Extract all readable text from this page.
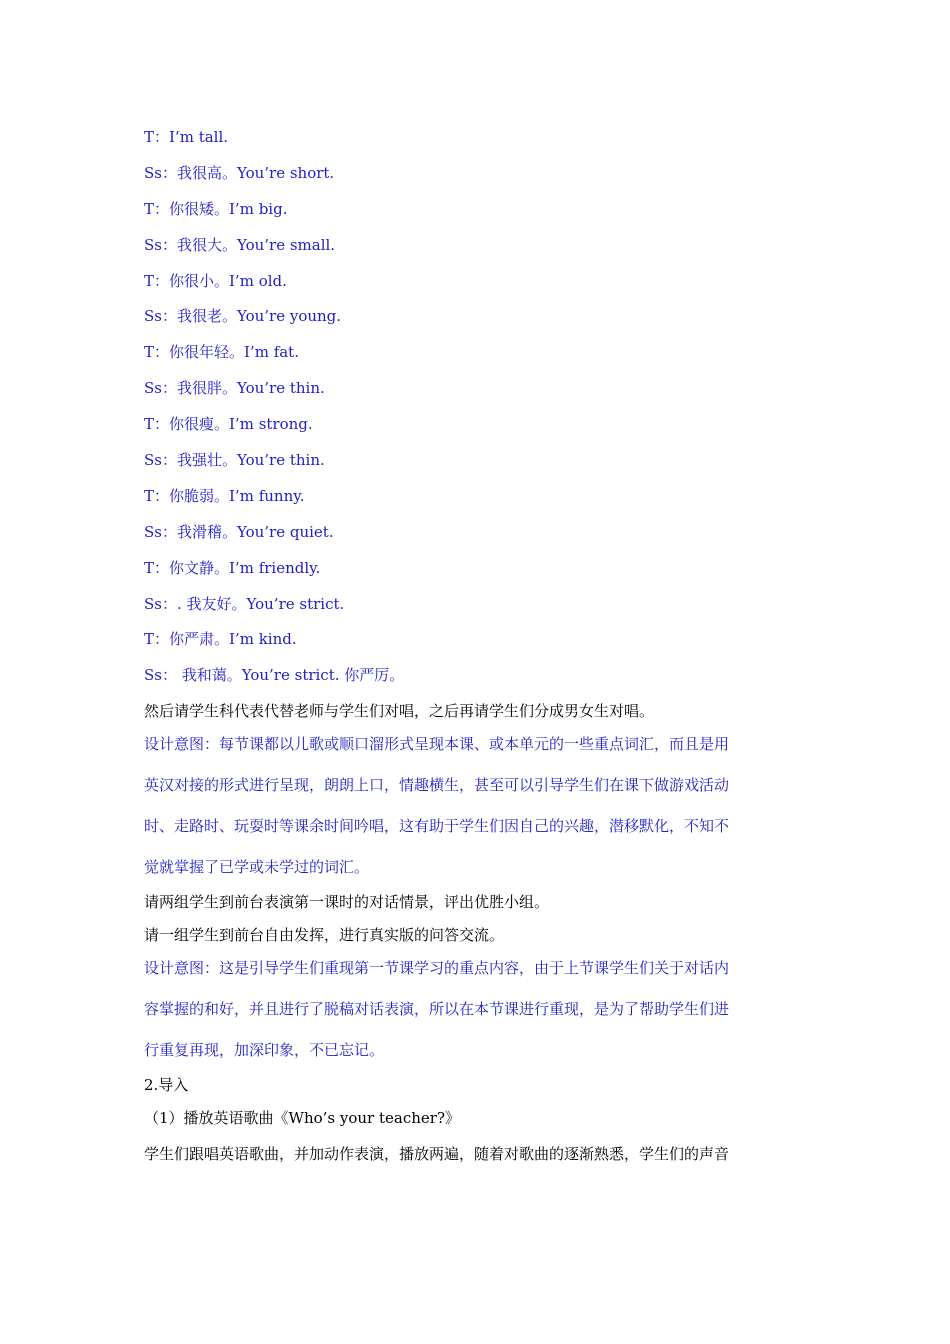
T：I’m tall.
Ss：我很高。You’re short.
T：你很矮。I’m big.
Ss：我很大。You’re small.
T：你很小。I’m old.
Ss：我很老。You’re young.
T：你很年轻。I’m fat.
Ss：我很胖。You’re thin.
T：你很瘦。I’m strong.
Ss：我强壮。You’re thin.
T：你脆弱。I’m funny.
Ss：我滑稽。You’re quiet.
T：你文静。I’m friendly.
Ss：. 我友好。You’re strict.
T：你严肃。I’m kind.
Ss： 我和蔼。You’re strict. 你严厉。
然后请学生科代表代替老师与学生们对唱，之后再请学生们分成男女生对唱。
设计意图：每节课都以儿歌或顺口溜形式呈现本课、或本单元的一些重点词汇，而且是用
英汉对接的形式进行呈现，朗朗上口，情趣横生，甚至可以引导学生们在课下做游戏活动
时、走路时、玩耍时等课余时间吟唱，这有助于学生们因自己的兴趣，潜移默化，不知不
觉就掌握了已学或未学过的词汇。
请两组学生到前台表演第一课时的对话情景，评出优胜小组。
请一组学生到前台自由发挥，进行真实版的问答交流。
设计意图：这是引导学生们重现第一节课学习的重点内容，由于上节课学生们关于对话内
容掌握的和好，并且进行了脱稿对话表演，所以在本节课进行重现，是为了帮助学生们进
行重复再现，加深印象，不已忘记。
2.导入
（1）播放英语歌曲《Who’s your teacher?》
学生们跟唱英语歌曲，并加动作表演，播放两遍，随着对歌曲的逐渐熟悉，学生们的声音
